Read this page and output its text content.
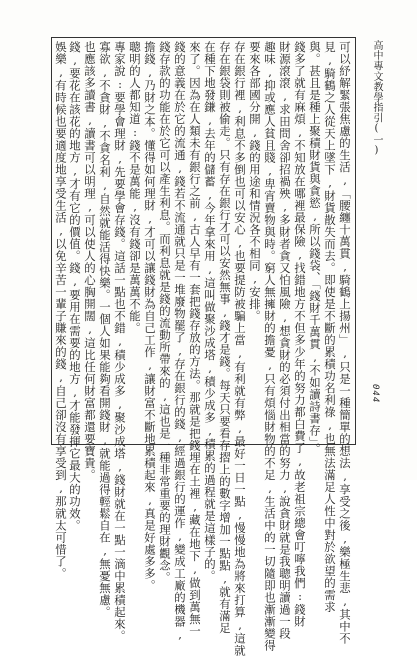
可以紓解緊張焦慮的生活,「腰纏十萬貫,騎鶴上揚州」,只是一種簡單的想法,享受之後,樂極生悲,其中不
見,騎鶴之人從天上墜下,財貨散失而去。即使是不斷的累積功名利祿,也無法滿足人性中對於欲望的需求
與。甚且是種上聚積財貨與貪慾,所以錢袋、「錢財千萬貫,不如讀詩書存」。
錢多了就有麻煩,不知放在哪裡最保險,找錯地方不但多少年的努力都白費了,故老祖宗總會叮嚀我們:錢財
財源滾滾,求田問舍卻招禍殃,多財者貪又怕風險,想貪財的必須付出相當的努力,說貪財就是我聰明讀過一段
趣味,抑或應人貧且賤,卑宵賣物與時。窮人無擁財的擔憂,只有煩惱財物的不足,生活中的一切隨即也漸漸變得
要來各部國分開,錢的用途和情況各不相同,安排。
存在銀行裡,利息不多倒也可以安心,也要提防被騙上當,有利就有弊,最好一日一點,慢慢地為將來打算,這就
存在銀袋則被偷走。只有存在銀行才可以安然無事,錢才是錢。每天只要看存摺上的數字增加一點點,就有滿足
在種下地發鎌,去年的儲蓄,今年拿來用,這叫做聚沙成塔,積少成多,積累的過程就是這樣子的。
來了。因為在人類未有銀行之前,古人早有一套把錢存放的方法。那就是把錢埋在土裡,藏在地下,做到萬無一
錢的意義在於它的流通,錢若不流通就只是一堆廢物罷了,存在銀行的錢,經過銀行的運作,變成工廠的機器,
錢存款的功能在於它可以產生利息。而利息就是錢的流動所帶來的,這也是一種非常重要的理財觀念。
擔錢,乃財之本。懂得如何理財,才可以讓錢財為自己工作,讓財富不斷地累積起來,真是好處多多。
聰明的人都知道:錢不是萬能,沒有錢卻是萬萬不能。
專家說:要學會理財,先要學會存錢。這話一點也不錯,積少成多,聚沙成塔,錢財就在一點一滴中累積起來。
寡欲,不貪財,不貪名利,自然就能活得快樂。一個人如果能夠看開錢財,就能過得輕鬆自在,無憂無慮。
也應該多讀書,讀書可以明理,可以使人的心胸開闊,這比任何財富都還要寶貴。
錢,要花在該花的地方,才有它的價值。錢,要用在需要的地方,才能發揮它最大的功效。
娛樂,有時候也要適度地享受生活,以免辛苦一輩子賺來的錢,自己卻沒有享受到,那就太可惜了。	高中專文教學指引(一)
044
